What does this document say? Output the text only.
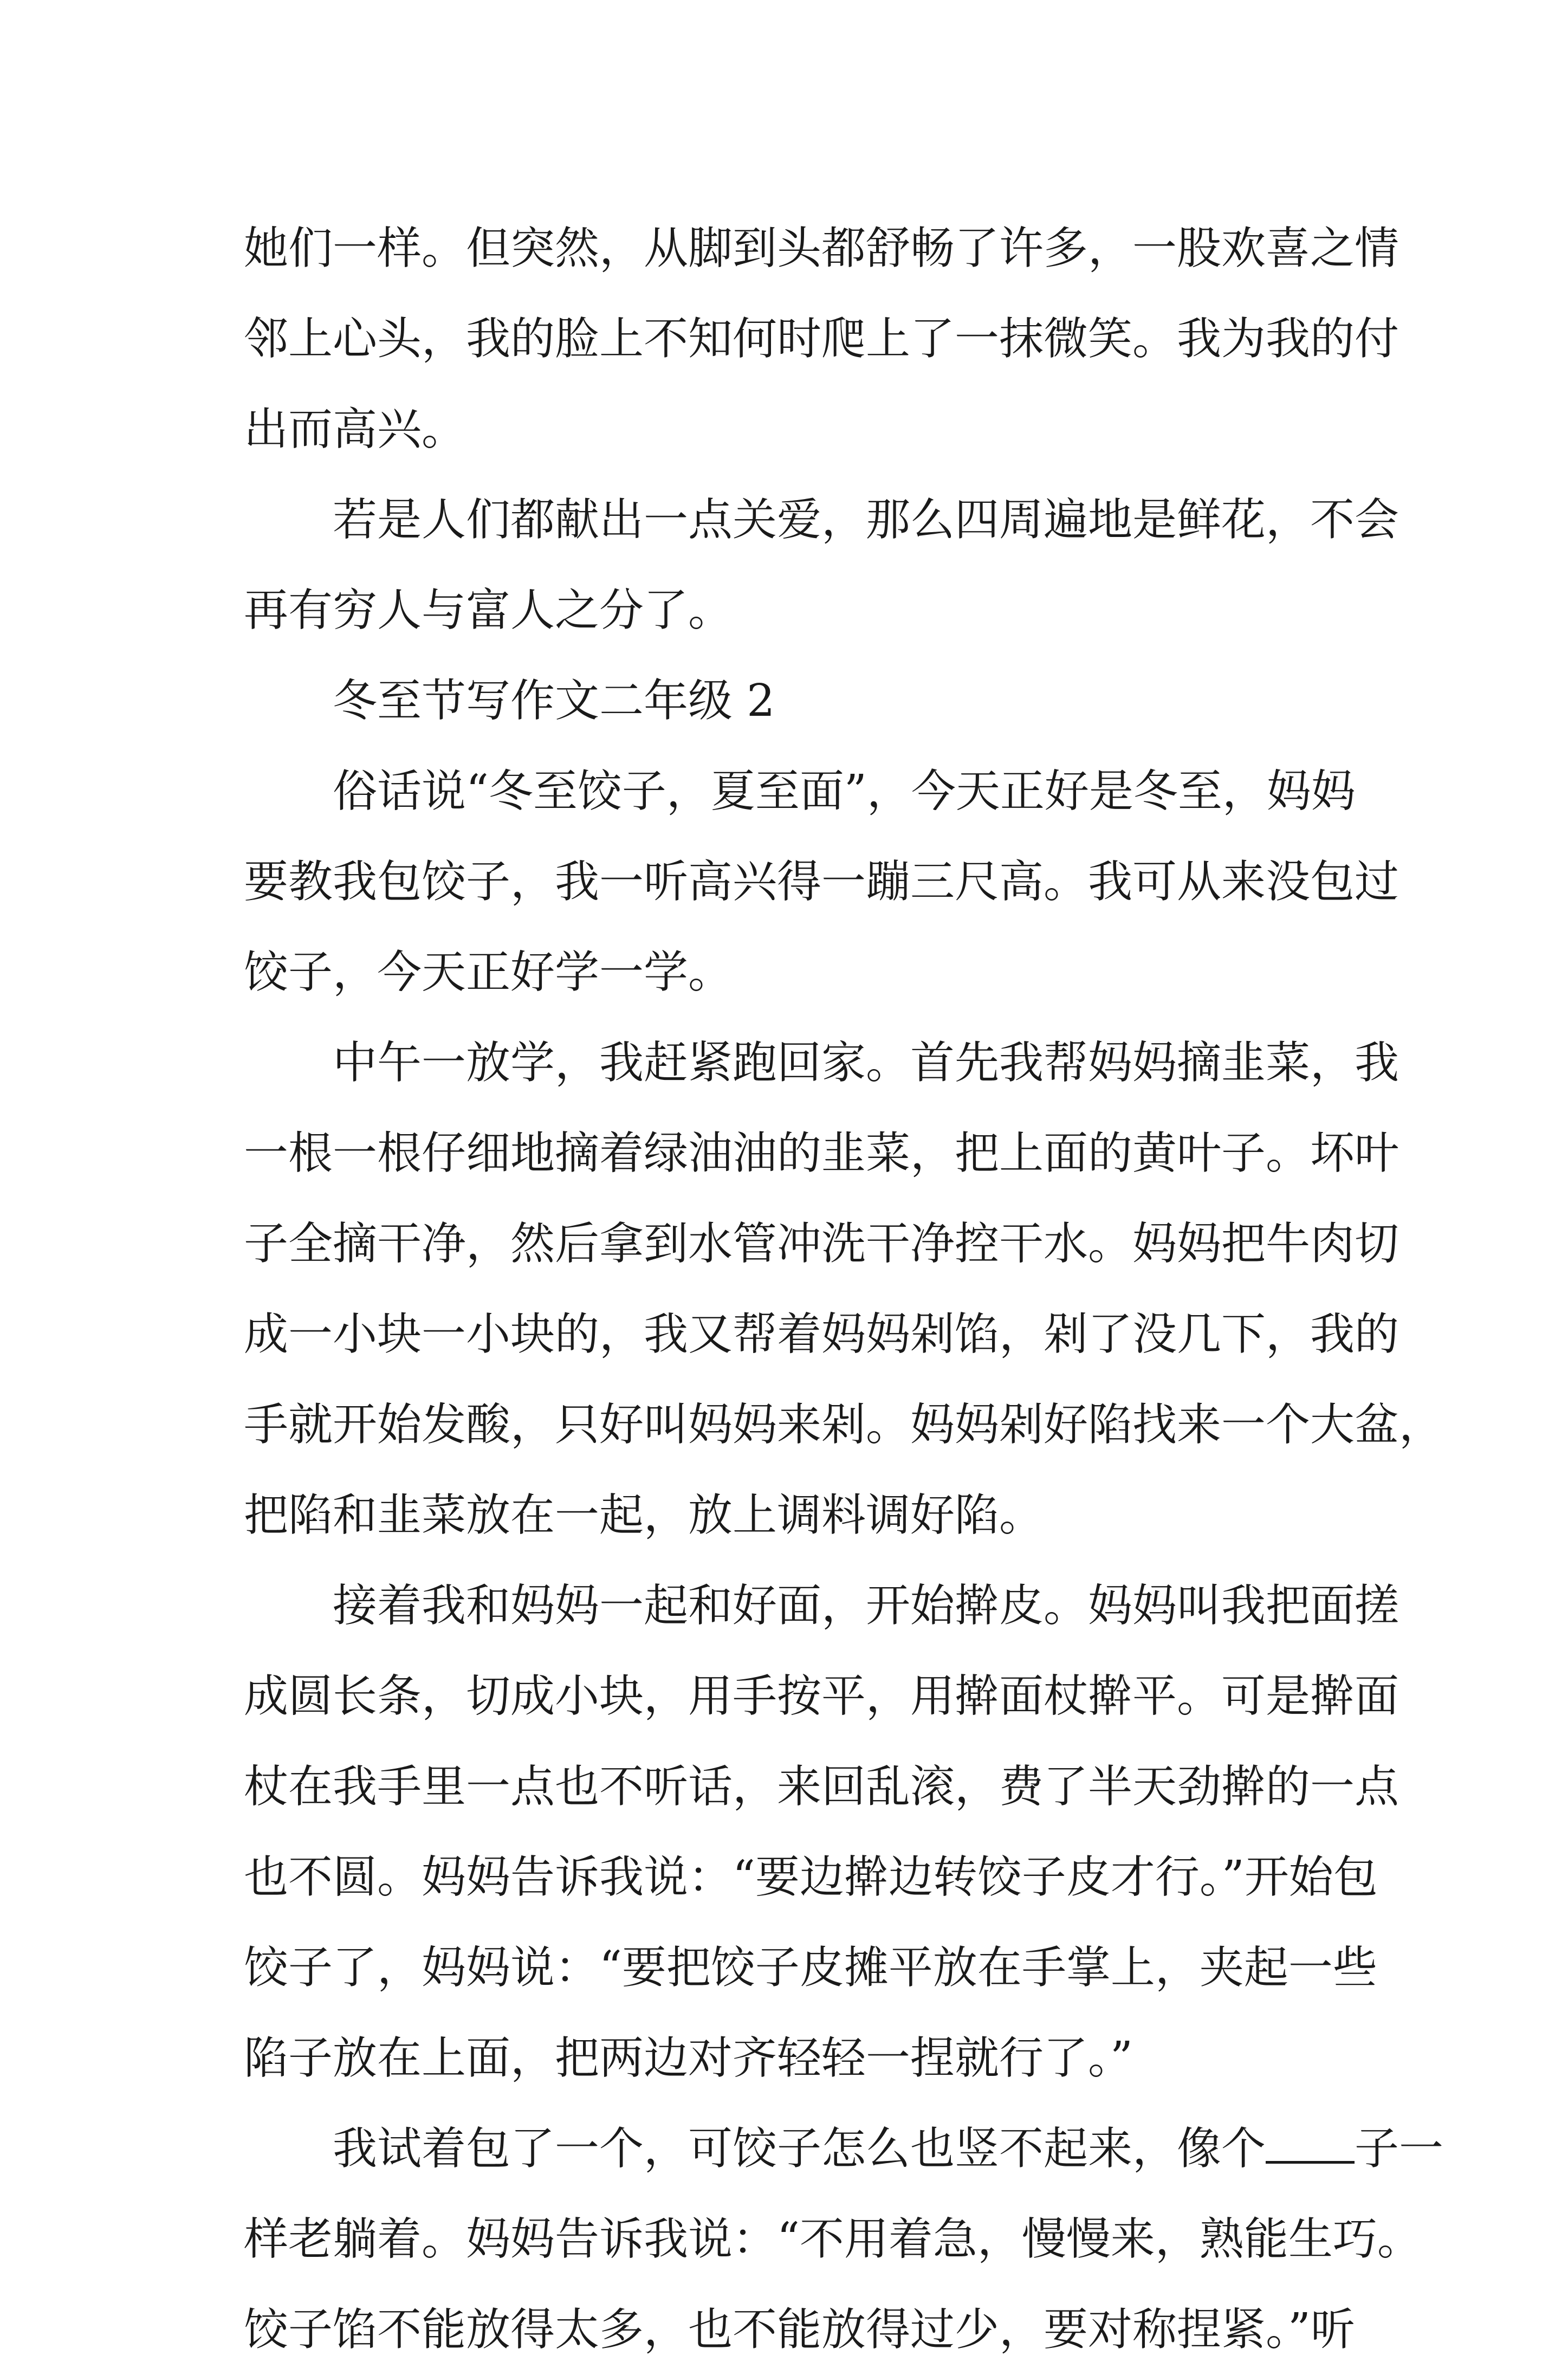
她们一样。但突然，从脚到头都舒畅了许多，一股欢喜之情
邻上心头，我的脸上不知何时爬上了一抹微笑。我为我的付
出而高兴。
若是人们都献出一点关爱，那么四周遍地是鲜花，不会
再有穷人与富人之分了。
冬至节写作文二年级 2
俗话说“冬至饺子，夏至面”，今天正好是冬至，妈妈
要教我包饺子，我一听高兴得一蹦三尺高。我可从来没包过
饺子，今天正好学一学。
中午一放学，我赶紧跑回家。首先我帮妈妈摘韭菜，我
一根一根仔细地摘着绿油油的韭菜，把上面的黄叶子。坏叶
子全摘干净，然后拿到水管冲洗干净控干水。妈妈把牛肉切
成一小块一小块的，我又帮着妈妈剁馅，剁了没几下，我的
手就开始发酸，只好叫妈妈来剁。妈妈剁好陷找来一个大盆，
把陷和韭菜放在一起，放上调料调好陷。
接着我和妈妈一起和好面，开始擀皮。妈妈叫我把面搓
成圆长条，切成小块，用手按平，用擀面杖擀平。可是擀面
杖在我手里一点也不听话，来回乱滚，费了半天劲擀的一点
也不圆。妈妈告诉我说：“要边擀边转饺子皮才行。”开始包
饺子了，妈妈说：“要把饺子皮摊平放在手掌上，夹起一些
陷子放在上面，把两边对齐轻轻一捏就行了。”
我试着包了一个，可饺子怎么也竖不起来，像个 子一
样老躺着。妈妈告诉我说：“不用着急，慢慢来，熟能生巧。
饺子馅不能放得太多，也不能放得过少，要对称捏紧。”听
